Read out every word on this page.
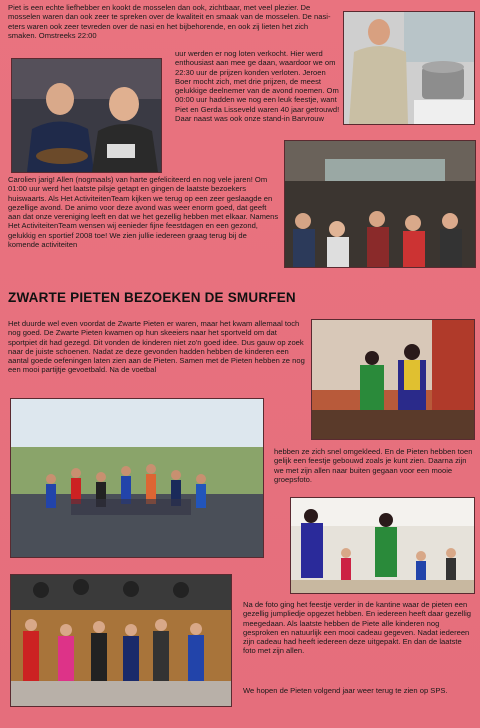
Piet is een echte liefhebber en kookt de mosselen dan ook, zichtbaar, met veel plezier. De mosselen waren dan ook zeer te spreken over de kwaliteit en smaak van de mosselen. De nasi-eters waren ook zeer tevreden over de nasi en het bijbehorende, en ook zij lieten het zich smaken. Omstreeks 22:00

uur werden er nog loten verkocht. Hier werd enthousiast aan mee ge daan, waardoor we om 22:30 uur de prijzen konden verloten. Jeroen Boer mocht zich, met drie prijzen, de meest gelukkige deelnemer van de avond noemen. Om 00:00 uur hadden we nog een leuk feestje, want Piet en Gerda Lisseveld waren 40 jaar getrouwd! Daar naast was ook onze stand-in Barvrouw

Carolien jarig! Allen (nogmaals) van harte gefeliciteerd en nog vele jaren! Om 01:00 uur werd het laatste pilsje getapt en gingen de laatste bezoekers huiswaarts. Als Het ActiviteitenTeam kijken we terug op een zeer geslaagde en gezellige avond. De animo voor deze avond was weer enorm goed, dat geeft aan dat onze vereniging leeft en dat we het gezellig hebben met elkaar. Namens Het ActiviteitenTeam wensen wij eenieder fijne feestdagen en een gezond, gelukkig en sportief 2008 toe! We zien jullie iedereen graag terug bij de komende activiteiten

ZWARTE PIETEN BEZOEKEN DE SMURFEN

Het duurde wel even voordat de Zwarte Pieten er waren, maar het kwam allemaal toch nog goed. De Zwarte Pieten kwamen op hun skeeiers naar het sportveld om dat sportpiet dit had gezegd. Dit vonden de kinderen niet zo'n goed idee. Dus gauw op zoek naar de juiste schoenen. Nadat ze deze gevonden hadden hebben de kinderen een aantal goede oefeningen laten zien aan de Pieten. Samen met de Pieten hebben ze nog een mooi partijtje gevoetbald. Na de voetbal

hebben ze zich snel omgekleed. En de Pieten hebben toen gelijk een feestje gebouwd zoals je kunt zien. Daarna zijn we met zijn allen naar buiten gegaan voor een mooie groepsfoto.

Na de foto ging het feestje verder in de kantine waar de pieten een gezellig jumpliedje opgezet hebben. En iedereen heeft daar gezellig meegedaan. Als laatste hebben de Piete alle kinderen nog gesproken en natuurlijk een mooi cadeau gegeven. Nadat iedereen zijn cadeau had heeft iedereen deze uitgepakt. En dan de laatste foto met zijn allen.

We hopen de Pieten volgend jaar weer terug te zien op SPS.
